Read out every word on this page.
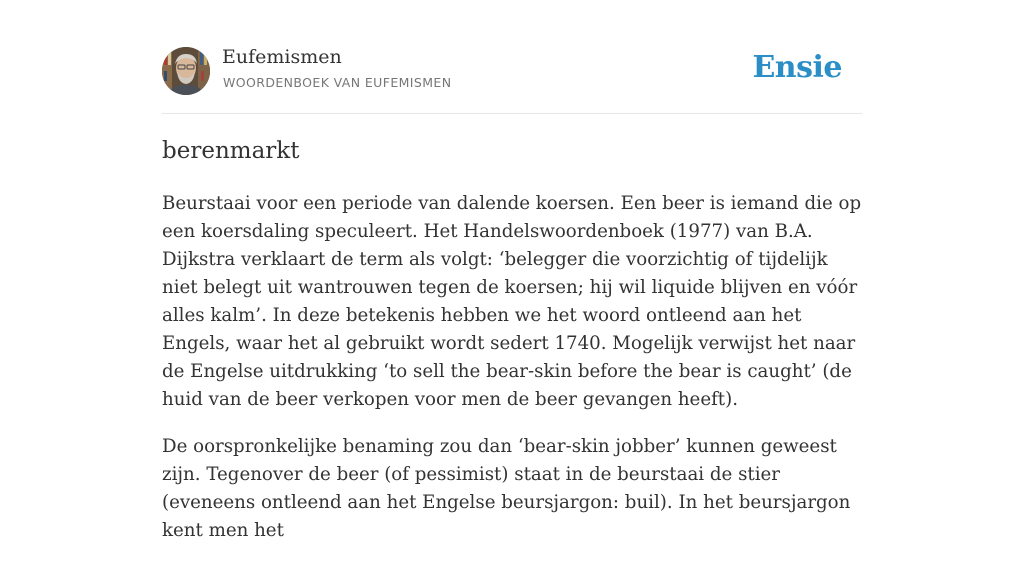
Eufemismen
WOORDENBOEK VAN EUFEMISMEN	Ensie
berenmarkt

Beurstaai voor een periode van dalende koersen. Een beer is iemand die op een koersdaling speculeert. Het Handelswoordenboek (1977) van B.A. Dijkstra verklaart de term als volgt: ‘belegger die voorzichtig of tijdelijk niet belegt uit wantrouwen tegen de koersen; hij wil liquide blijven en vóór alles kalm’. In deze betekenis hebben we het woord ontleend aan het Engels, waar het al gebruikt wordt sedert 1740. Mogelijk verwijst het naar de Engelse uitdrukking ‘to sell the bear-skin before the bear is caught’ (de huid van de beer verkopen voor men de beer gevangen heeft).

De oorspronkelijke benaming zou dan ‘bear-skin jobber’ kunnen geweest zijn. Tegenover de beer (of pessimist) staat in de beurstaai de stier (eveneens ontleend aan het Engelse beursjargon: buil). In het beursjargon kent men het
